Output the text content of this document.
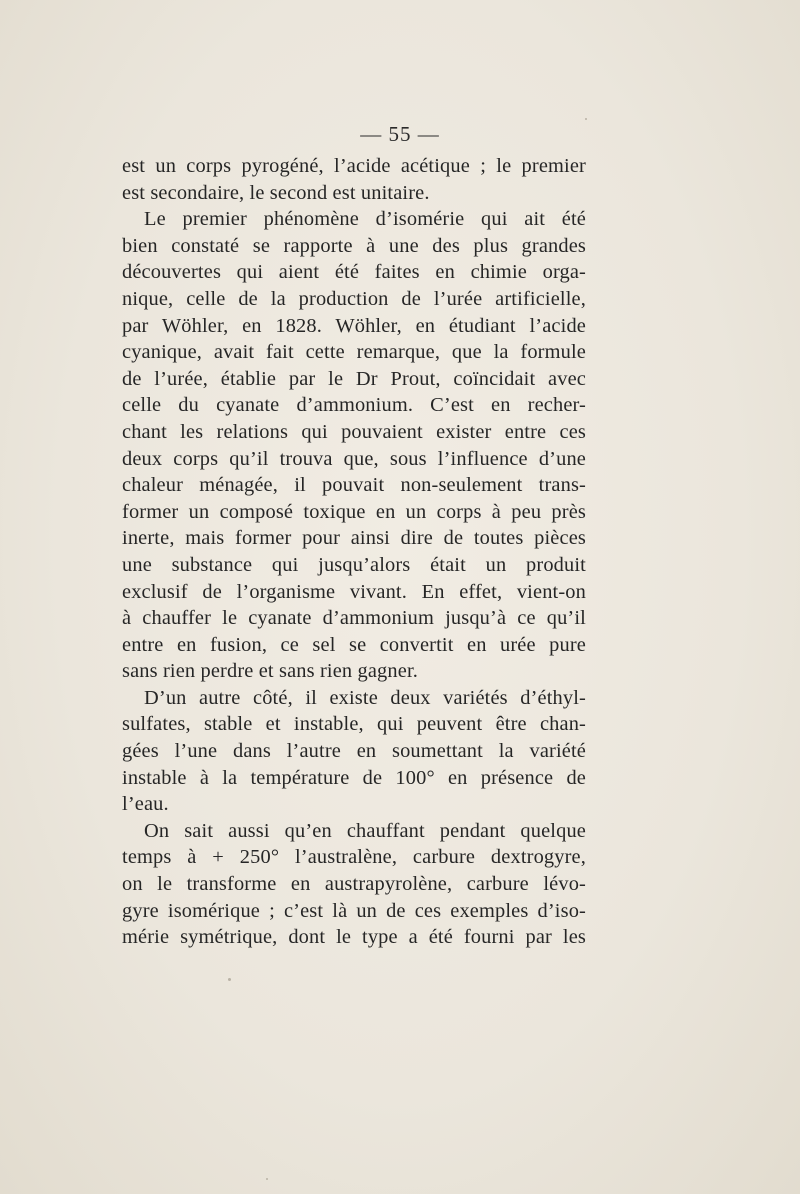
— 55 —
est un corps pyrogéné, l’acide acétique ; le premier
est secondaire, le second est unitaire.
Le premier phénomène d’isomérie qui ait été
bien constaté se rapporte à une des plus grandes
découvertes qui aient été faites en chimie orga-
nique, celle de la production de l’urée artificielle,
par Wöhler, en 1828. Wöhler, en étudiant l’acide
cyanique, avait fait cette remarque, que la formule
de l’urée, établie par le Dr Prout, coïncidait avec
celle du cyanate d’ammonium. C’est en recher-
chant les relations qui pouvaient exister entre ces
deux corps qu’il trouva que, sous l’influence d’une
chaleur ménagée, il pouvait non-seulement trans-
former un composé toxique en un corps à peu près
inerte, mais former pour ainsi dire de toutes pièces
une substance qui jusqu’alors était un produit
exclusif de l’organisme vivant. En effet, vient-on
à chauffer le cyanate d’ammonium jusqu’à ce qu’il
entre en fusion, ce sel se convertit en urée pure
sans rien perdre et sans rien gagner.
D’un autre côté, il existe deux variétés d’éthyl-
sulfates, stable et instable, qui peuvent être chan-
gées l’une dans l’autre en soumettant la variété
instable à la température de 100° en présence de
l’eau.
On sait aussi qu’en chauffant pendant quelque
temps à + 250° l’australène, carbure dextrogyre,
on le transforme en austrapyrolène, carbure lévo-
gyre isomérique ; c’est là un de ces exemples d’iso-
mérie symétrique, dont le type a été fourni par les
